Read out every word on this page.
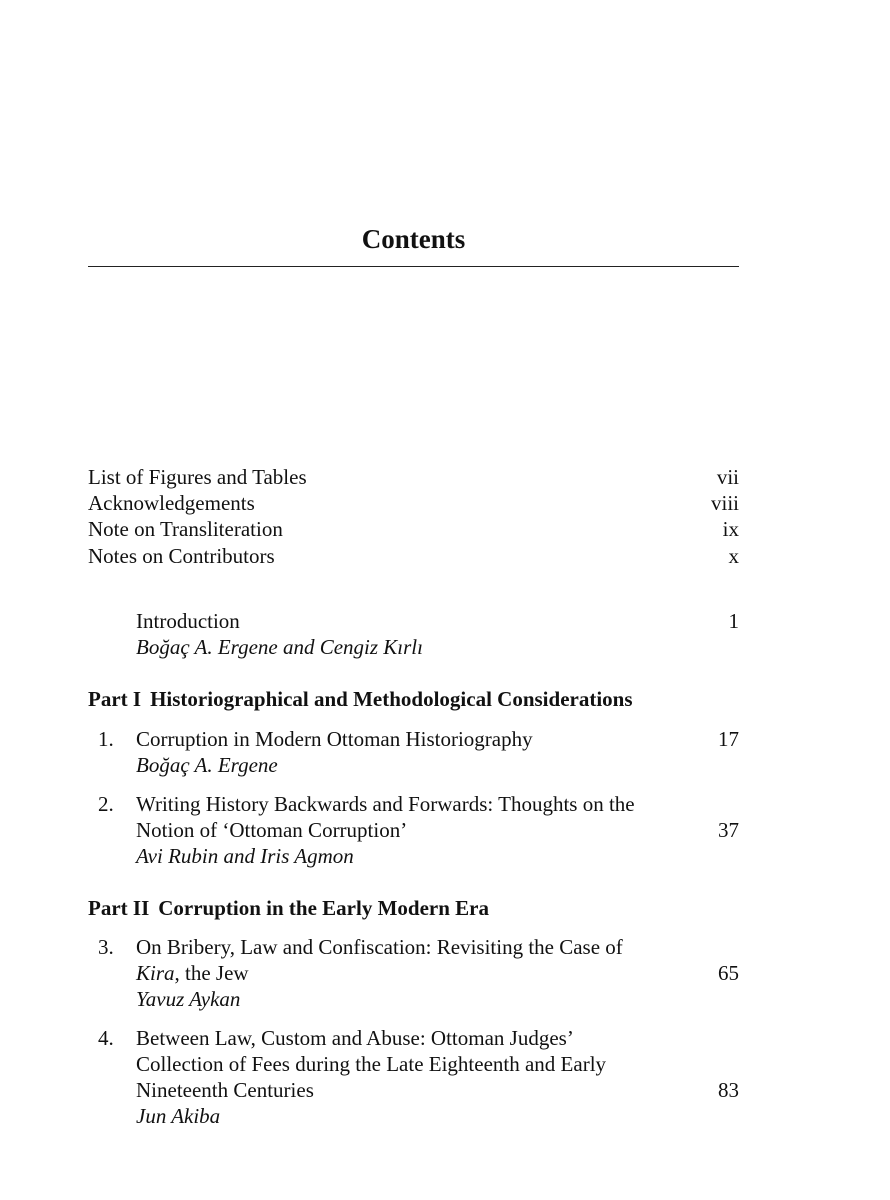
Contents
List of Figures and Tables	vii
Acknowledgements	viii
Note on Transliteration	ix
Notes on Contributors	x
Introduction	1
Boğaç A. Ergene and Cengiz Kırlı
Part I Historiographical and Methodological Considerations
1. Corruption in Modern Ottoman Historiography	17
Boğaç A. Ergene
2. Writing History Backwards and Forwards: Thoughts on the
Notion of ‘Ottoman Corruption’	37
Avi Rubin and Iris Agmon
Part II Corruption in the Early Modern Era
3. On Bribery, Law and Confiscation: Revisiting the Case of
Kira, the Jew	65
Yavuz Aykan
4. Between Law, Custom and Abuse: Ottoman Judges’
Collection of Fees during the Late Eighteenth and Early
Nineteenth Centuries	83
Jun Akiba
